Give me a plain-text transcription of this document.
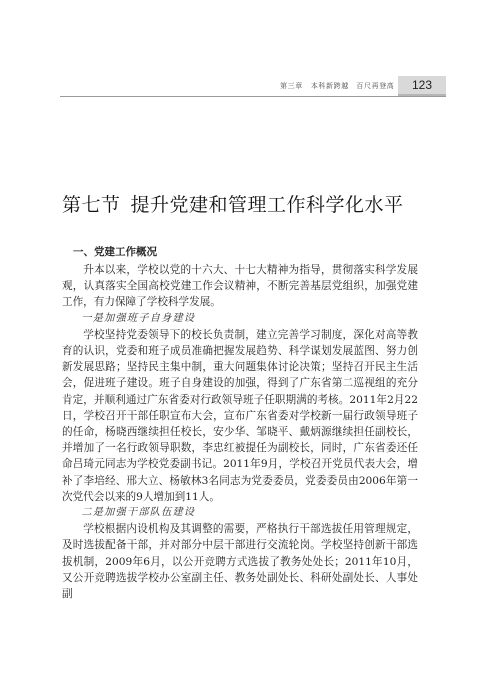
第三章 本科新跨越　百尺再登高	123
第七节 提升党建和管理工作科学化水平
一、党建工作概况

升本以来，学校以党的十六大、十七大精神为指导，贯彻落实科学发展观，认真落实全国高校党建工作会议精神，不断完善基层党组织，加强党建工作，有力保障了学校科学发展。

一是加强班子自身建设

学校坚持党委领导下的校长负责制，建立完善学习制度，深化对高等教育的认识，党委和班子成员准确把握发展趋势、科学谋划发展蓝图、努力创新发展思路；坚持民主集中制，重大问题集体讨论决策；坚持召开民主生活会，促进班子建设。班子自身建设的加强，得到了广东省第二巡视组的充分肯定，并顺利通过广东省委对行政领导班子任职期满的考核。2011年2月22日，学校召开干部任职宣布大会，宣布广东省委对学校新一届行政领导班子的任命，杨晓西继续担任校长，安少华、邹晓平、戴炳源继续担任副校长，并增加了一名行政领导职数，李忠红被提任为副校长，同时，广东省委还任命吕琦元同志为学校党委副书记。2011年9月，学校召开党员代表大会，增补了李培经、邢大立、杨敏林3名同志为党委委员，党委委员由2006年第一次党代会以来的9人增加到11人。

二是加强干部队伍建设

学校根据内设机构及其调整的需要，严格执行干部选拔任用管理规定，及时选拔配备干部，并对部分中层干部进行交流轮岗。学校坚持创新干部选拔机制，2009年6月，以公开竞聘方式选拔了教务处处长；2011年10月，又公开竞聘选拔学校办公室副主任、教务处副处长、科研处副处长、人事处副
